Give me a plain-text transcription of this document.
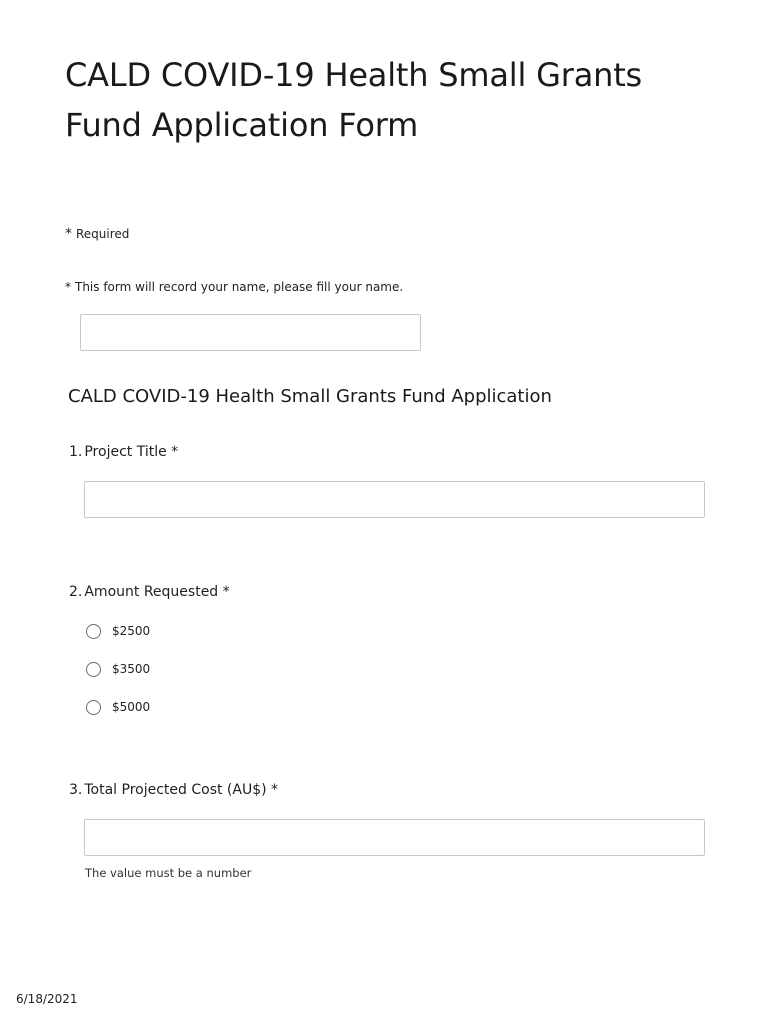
CALD COVID-19 Health Small Grants Fund Application Form
* Required
* This form will record your name, please fill your name.
CALD COVID-19 Health Small Grants Fund Application
1. Project Title *
2. Amount Requested *
$2500
$3500
$5000
3. Total Projected Cost (AU$) *
The value must be a number
6/18/2021
